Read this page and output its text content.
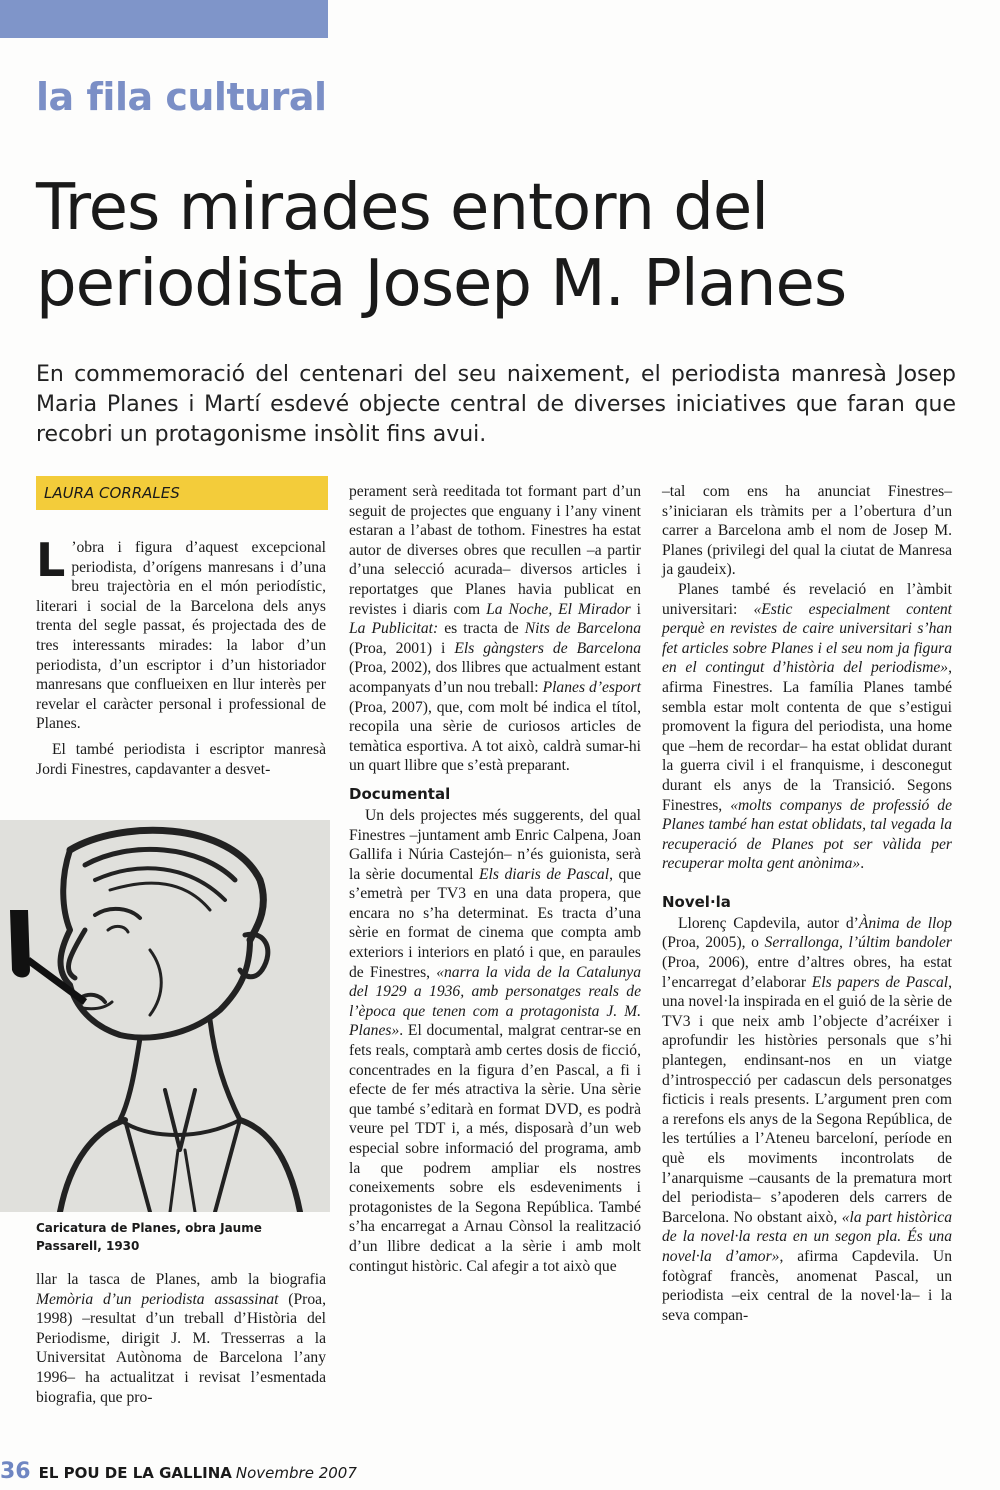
la fila cultural
Tres mirades entorn del
periodista Josep M. Planes

En commemoració del centenari del seu naixement, el periodista manresà Josep Maria Planes i Martí esdevé objecte central de diverses iniciatives que faran que recobri un protagonisme insòlit fins avui.

LAURA CORRALES

L ’obra i figura d’aquest excepcional periodista, d’orígens manresans i d’una breu trajectòria en el món periodístic, literari i social de la Barcelona dels anys trenta del segle passat, és projectada des de tres interessants mirades: la labor d’un periodista, d’un escriptor i d’un historiador manresans que conflueixen en llur interès per revelar el caràcter personal i professional de Planes.

El també periodista i escriptor manresà Jordi Finestres, capdavanter a desvet-

Caricatura de Planes, obra Jaume Passarell, 1930

llar la tasca de Planes, amb la biografia Memòria d’un periodista assassinat (Proa, 1998) –resultat d’un treball d’Història del Periodisme, dirigit J. M. Tresserras a la Universitat Autònoma de Barcelona l’any 1996– ha actualitzat i revisat l’esmentada biografia, que pro-

perament serà reeditada tot formant part d’un seguit de projectes que enguany i l’any vinent estaran a l’abast de tothom. Finestres ha estat autor de diverses obres que recullen –a partir d’una selecció acurada– diversos articles i reportatges que Planes havia publicat en revistes i diaris com La Noche, El Mirador i La Publicitat: es tracta de Nits de Barcelona (Proa, 2001) i Els gàngsters de Barcelona (Proa, 2002), dos llibres que actualment estant acompanyats d’un nou treball: Planes d’esport (Proa, 2007), que, com molt bé indica el títol, recopila una sèrie de curiosos articles de temàtica esportiva. A tot això, caldrà sumar-hi un quart llibre que s’està preparant.

Documental

Un dels projectes més suggerents, del qual Finestres –juntament amb Enric Calpena, Joan Gallifa i Núria Castejón– n’és guionista, serà la sèrie documental Els diaris de Pascal, que s’emetrà per TV3 en una data propera, que encara no s’ha determinat. Es tracta d’una sèrie en format de cinema que compta amb exteriors i interiors en plató i que, en paraules de Finestres, «narra la vida de la Catalunya del 1929 a 1936, amb personatges reals de l’època que tenen com a protagonista J. M. Planes». El documental, malgrat centrar-se en fets reals, comptarà amb certes dosis de ficció, concentrades en la figura d’en Pascal, a fi i efecte de fer més atractiva la sèrie. Una sèrie que també s’editarà en format DVD, es podrà veure pel TDT i, a més, disposarà d’un web especial sobre informació del programa, amb la que podrem ampliar els nostres coneixements sobre els esdeveniments i protagonistes de la Segona República. També s’ha encarregat a Arnau Cònsol la realització d’un llibre dedicat a la sèrie i amb molt contingut històric. Cal afegir a tot això que

–tal com ens ha anunciat Finestres– s’iniciaran els tràmits per a l’obertura d’un carrer a Barcelona amb el nom de Josep M. Planes (privilegi del qual la ciutat de Manresa ja gaudeix).

Planes també és revelació en l’àmbit universitari: «Estic especialment content perquè en revistes de caire universitari s’han fet articles sobre Planes i el seu nom ja figura en el contingut d’història del periodisme», afirma Finestres. La família Planes també sembla estar molt contenta de que s’estigui promovent la figura del periodista, una home que –hem de recordar– ha estat oblidat durant la guerra civil i el franquisme, i desconegut durant els anys de la Transició. Segons Finestres, «molts companys de professió de Planes també han estat oblidats, tal vegada la recuperació de Planes pot ser vàlida per recuperar molta gent anònima».

Novel·la

Llorenç Capdevila, autor d’Ànima de llop (Proa, 2005), o Serrallonga, l’últim bandoler (Proa, 2006), entre d’altres obres, ha estat l’encarregat d’elaborar Els papers de Pascal, una novel·la inspirada en el guió de la sèrie de TV3 i que neix amb l’objecte d’acréixer i aprofundir les històries personals que s’hi plantegen, endinsant-nos en un viatge d’introspecció per cadascun dels personatges ficticis i reals presents. L’argument pren com a rerefons els anys de la Segona República, de les tertúlies a l’Ateneu barceloní, període en què els moviments incontrolats de l’anarquisme –causants de la prematura mort del periodista– s’apoderen dels carrers de Barcelona. No obstant això, «la part històrica de la novel·la resta en un segon pla. És una novel·la d’amor», afirma Capdevila. Un fotògraf francès, anomenat Pascal, un periodista –eix central de la novel·la– i la seva compan-

36 EL POU DE LA GALLINA Novembre 2007
